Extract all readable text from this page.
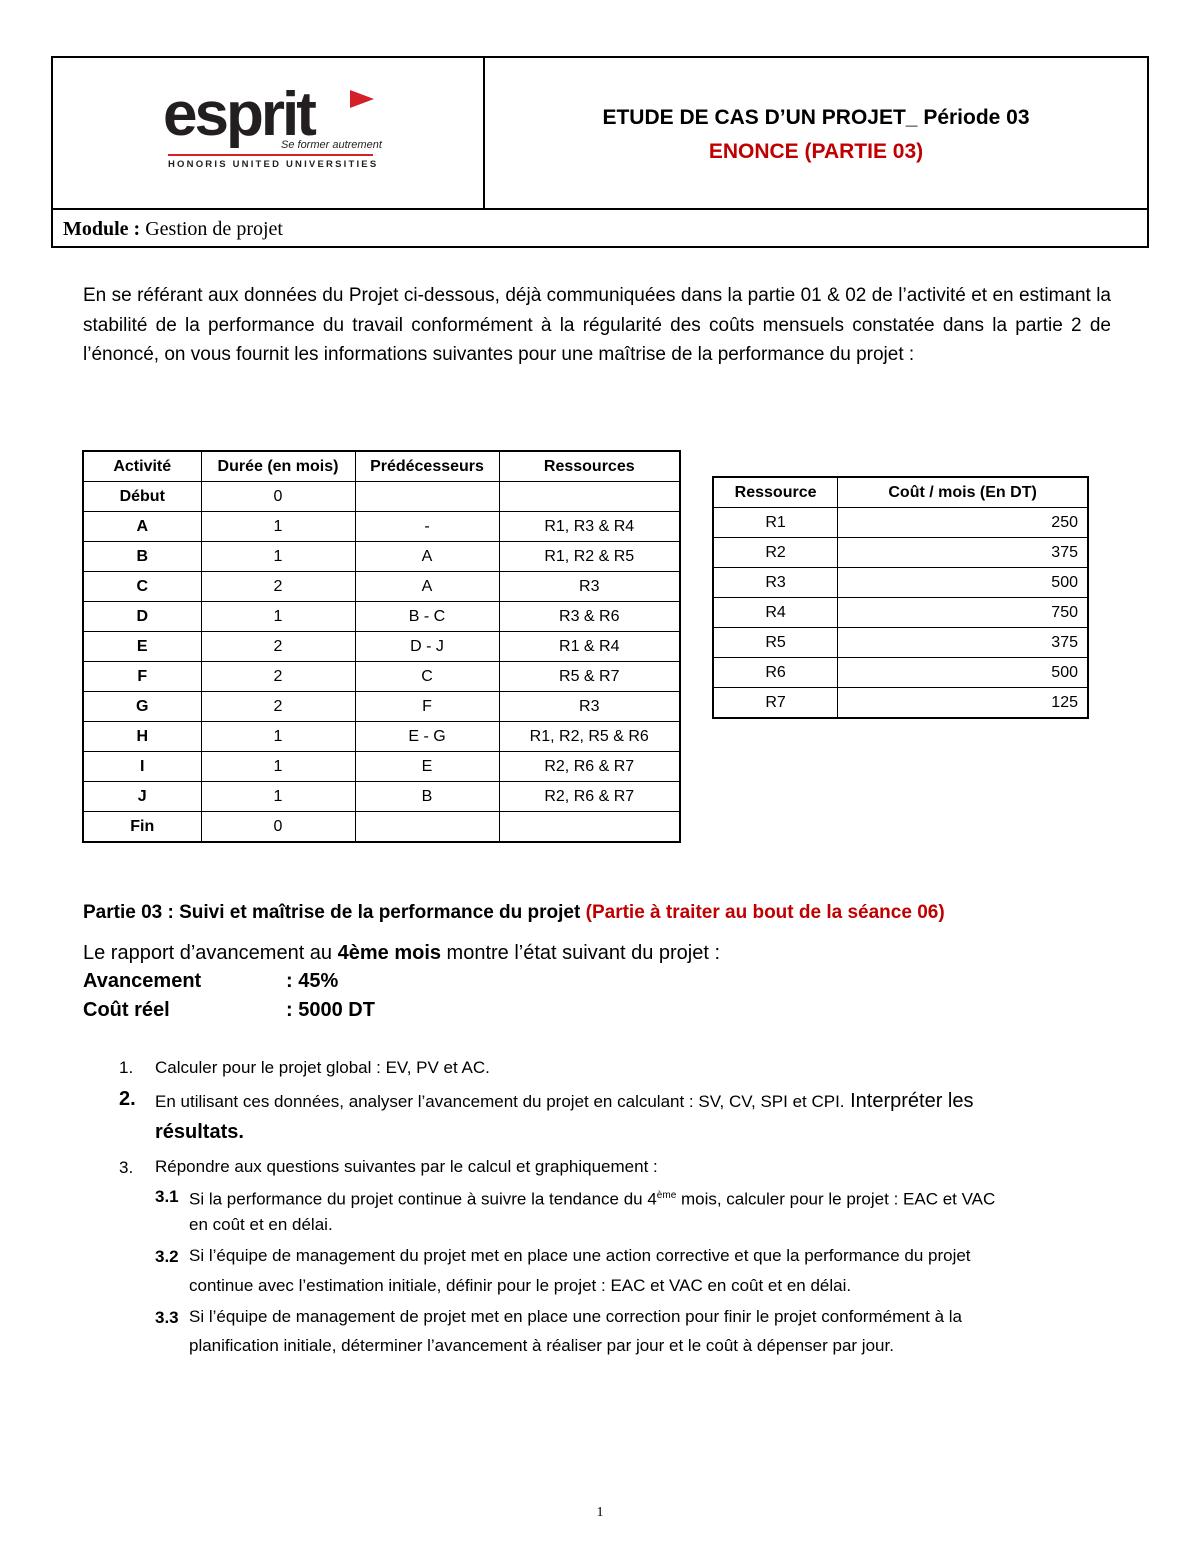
esprit
Se former autrement
HONORIS UNITED UNIVERSITIES
ETUDE DE CAS D’UN PROJET_ Période 03
ENONCE (PARTIE 03)
Module : Gestion de projet
En se référant aux données du Projet ci-dessous, déjà communiquées dans la partie 01 & 02 de l’activité et en estimant la stabilité de la performance du travail conformément à la régularité des coûts mensuels constatée dans la partie 2 de l’énoncé, on vous fournit les informations suivantes pour une maîtrise de la performance du projet :
Activité	Durée (en mois)	Prédécesseurs	Ressources
Début	0		
A	1	-	R1, R3 & R4
B	1	A	R1, R2 & R5
C	2	A	R3
D	1	B - C	R3 & R6
E	2	D - J	R1 & R4
F	2	C	R5 & R7
G	2	F	R3
H	1	E - G	R1, R2, R5 & R6
I	1	E	R2, R6 & R7
J	1	B	R2, R6 & R7
Fin	0		
Ressource	Coût / mois (En DT)
R1	250
R2	375
R3	500
R4	750
R5	375
R6	500
R7	125
Partie 03 : Suivi et maîtrise de la performance du projet (Partie à traiter au bout de la séance 06)
Le rapport d’avancement au 4ème mois montre l’état suivant du projet :
Avancement	: 45%
Coût réel	: 5000 DT
1. Calculer pour le projet global : EV, PV et AC.
2. En utilisant ces données, analyser l’avancement du projet en calculant : SV, CV, SPI et CPI. Interpréter les
résultats.
3. Répondre aux questions suivantes par le calcul et graphiquement :
3.1 Si la performance du projet continue à suivre la tendance du 4ème mois, calculer pour le projet : EAC et VAC
en coût et en délai.
3.2 Si l’équipe de management du projet met en place une action corrective et que la performance du projet
continue avec l’estimation initiale, définir pour le projet : EAC et VAC en coût et en délai.
3.3 Si l’équipe de management de projet met en place une correction pour finir le projet conformément à la
planification initiale, déterminer l’avancement à réaliser par jour et le coût à dépenser par jour.
1
